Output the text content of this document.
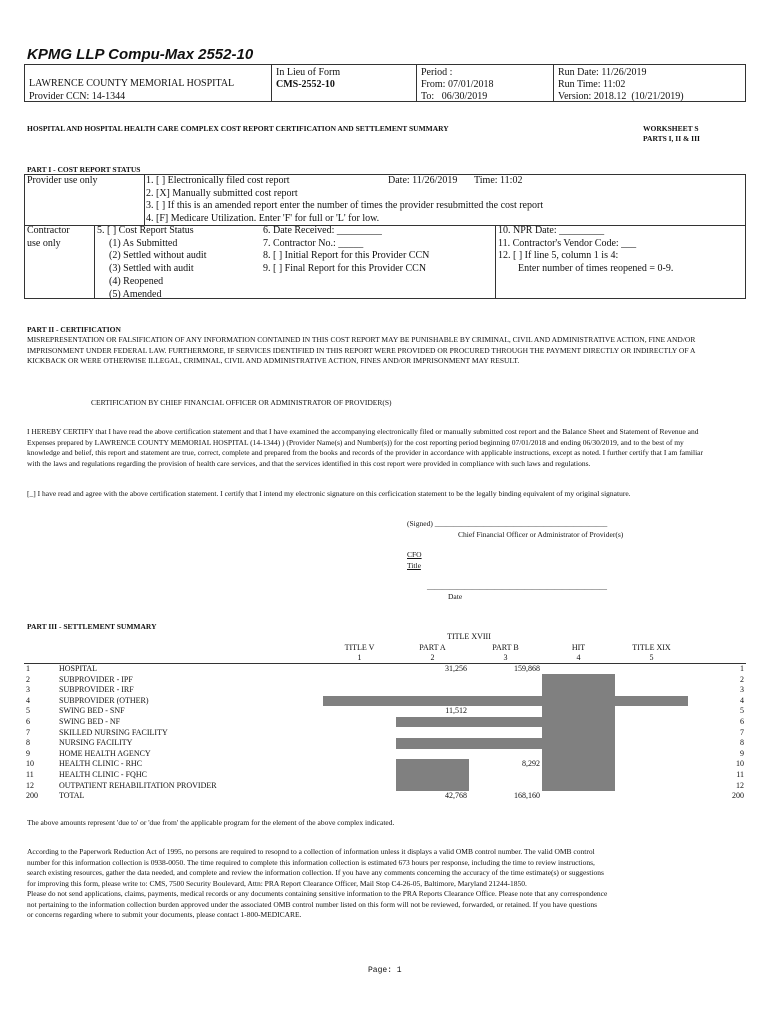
KPMG LLP Compu-Max 2552-10
LAWRENCE COUNTY MEMORIAL HOSPITAL
Provider CCN: 14-1344
In Lieu of Form
CMS-2552-10
Period :
From: 07/01/2018
To:   06/30/2019
Run Date: 11/26/2019
Run Time: 11:02
Version: 2018.12  (10/21/2019)
HOSPITAL AND HOSPITAL HEALTH CARE COMPLEX COST REPORT CERTIFICATION AND SETTLEMENT SUMMARY	WORKSHEET S
PARTS I, II & III
PART I - COST REPORT STATUS
Provider use only	1. [ ] Electronically filed cost report
2. [X] Manually submitted cost report
3. [ ] If this is an amended report enter the number of times the provider resubmitted the cost report
4. [F] Medicare Utilization. Enter 'F' for full or 'L' for low.
Date: 11/26/2019 Time: 11:02
Contractor
use only
5. [ ] Cost Report Status
(1) As Submitted
(2) Settled without audit
(3) Settled with audit
(4) Reopened
(5) Amended
6. Date Received: _________
7. Contractor No.: _____
8. [ ] Initial Report for this Provider CCN
9. [ ] Final Report for this Provider CCN
10. NPR Date: _________
11. Contractor's Vendor Code: ___
12. [ ] If line 5, column 1 is 4:
Enter number of times reopened = 0-9.
PART II - CERTIFICATION
MISREPRESENTATION OR FALSIFICATION OF ANY INFORMATION CONTAINED IN THIS COST REPORT MAY BE PUNISHABLE BY CRIMINAL, CIVIL AND ADMINISTRATIVE ACTION, FINE AND/OR IMPRISONMENT UNDER FEDERAL LAW. FURTHERMORE, IF SERVICES IDENTIFIED IN THIS REPORT WERE PROVIDED OR PROCURED THROUGH THE PAYMENT DIRECTLY OR INDIRECTLY OF A KICKBACK OR WERE OTHERWISE ILLEGAL, CRIMINAL, CIVIL AND ADMINISTRATIVE ACTION, FINES AND/OR IMPRISONMENT MAY RESULT.
CERTIFICATION BY CHIEF FINANCIAL OFFICER OR ADMINISTRATOR OF PROVIDER(S)
I HEREBY CERTIFY that I have read the above certification statement and that I have examined the accompanying electronically filed or manually submitted cost report and the Balance Sheet and Statement of Revenue and Expenses prepared by LAWRENCE COUNTY MEMORIAL HOSPITAL (14-1344) ) (Provider Name(s) and Number(s)) for the cost reporting period beginning 07/01/2018 and ending 06/30/2019, and to the best of my knowledge and belief, this report and statement are true, correct, complete and prepared from the books and records of the provider in accordance with applicable instructions, except as noted. I further certify that I am familiar with the laws and regulations regarding the provision of health care services, and that the services identified in this cost report were provided in compliance with such laws and regulations.
[_] I have read and agree with the above certification statement. I certify that I intend my electronic signature on this cerficication statement to be the legally binding equivalent of my original signature.
(Signed) ______________________________________________
Chief Financial Officer or Administrator of Provider(s)
CFO
Title
________________________________________________
Date
PART III - SETTLEMENT SUMMARY
			TITLE XVIII				
		TITLE V	PART A	PART B	HIT	TITLE XIX	
		1	2	3	4	5	
1	HOSPITAL		31,256	159,868			1
2	SUBPROVIDER - IPF						2
3	SUBPROVIDER - IRF						3
4	SUBPROVIDER (OTHER)						4
5	SWING BED - SNF		11,512				5
6	SWING BED - NF						6
7	SKILLED NURSING FACILITY						7
8	NURSING FACILITY						8
9	HOME HEALTH AGENCY						9
10	HEALTH CLINIC - RHC			8,292			10
11	HEALTH CLINIC - FQHC						11
12	OUTPATIENT REHABILITATION PROVIDER						12
200	TOTAL		42,768	168,160			200
The above amounts represent 'due to' or 'due from' the applicable program for the element of the above complex indicated.
According to the Paperwork Reduction Act of 1995, no persons are required to resopnd to a collection of information unless it displays a valid OMB control number. The valid OMB control
number for this information collection is 0938-0050. The time required to complete this information collection is estimated 673 hours per response, including the time to review instructions,
search existing resources, gather the data needed, and complete and review the information collection. If you have any comments concerning the accuracy of the time estimate(s) or suggestions
for improving this form, please write to: CMS, 7500 Security Boulevard, Attn: PRA Report Clearance Officer, Mail Stop C4-26-05, Baltimore, Maryland 21244-1850.
Please do not send applications, claims, payments, medical records or any documents containing sensitive information to the PRA Reports Clearance Office. Please note that any correspondence
not pertaining to the information collection burden approved under the associated OMB control number listed on this form will not be reviewed, forwarded, or retained. If you have questions
or concerns regarding where to submit your documents, please contact 1-800-MEDICARE.
Page: 1
